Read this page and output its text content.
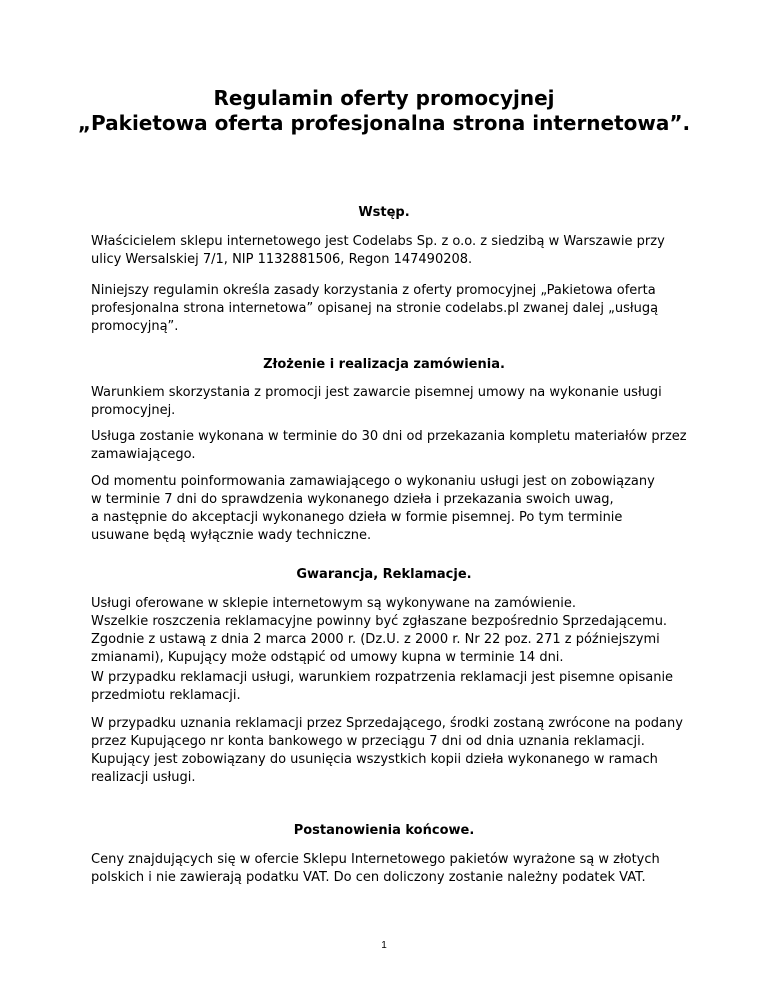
Regulamin oferty promocyjnej
„Pakietowa oferta profesjonalna strona internetowa”.
Wstęp.
Właścicielem sklepu internetowego jest Codelabs Sp. z o.o. z siedzibą w Warszawie przy
ulicy Wersalskiej 7/1, NIP 1132881506, Regon 147490208.
Niniejszy regulamin określa zasady korzystania z oferty promocyjnej „Pakietowa oferta
profesjonalna strona internetowa” opisanej na stronie codelabs.pl zwanej dalej „usługą
promocyjną”.
Złożenie i realizacja zamówienia.
Warunkiem skorzystania z promocji jest zawarcie pisemnej umowy na wykonanie usługi
promocyjnej.
Usługa zostanie wykonana w terminie do 30 dni od przekazania kompletu materiałów przez
zamawiającego.
Od momentu poinformowania zamawiającego o wykonaniu usługi jest on zobowiązany
w terminie 7 dni do sprawdzenia wykonanego dzieła i przekazania swoich uwag,
a następnie do akceptacji wykonanego dzieła w formie pisemnej. Po tym terminie
usuwane będą wyłącznie wady techniczne.
Gwarancja, Reklamacje.
Usługi oferowane w sklepie internetowym są wykonywane na zamówienie.
Wszelkie roszczenia reklamacyjne powinny być zgłaszane bezpośrednio Sprzedającemu.
Zgodnie z ustawą z dnia 2 marca 2000 r. (Dz.U. z 2000 r. Nr 22 poz. 271 z późniejszymi
zmianami), Kupujący może odstąpić od umowy kupna w terminie 14 dni.
W przypadku reklamacji usługi, warunkiem rozpatrzenia reklamacji jest pisemne opisanie
przedmiotu reklamacji.
W przypadku uznania reklamacji przez Sprzedającego, środki zostaną zwrócone na podany
przez Kupującego nr konta bankowego w przeciągu 7 dni od dnia uznania reklamacji.
Kupujący jest zobowiązany do usunięcia wszystkich kopii dzieła wykonanego w ramach
realizacji usługi.
Postanowienia końcowe.
Ceny znajdujących się w ofercie Sklepu Internetowego pakietów wyrażone są w złotych
polskich i nie zawierają podatku VAT. Do cen doliczony zostanie należny podatek VAT.
1
